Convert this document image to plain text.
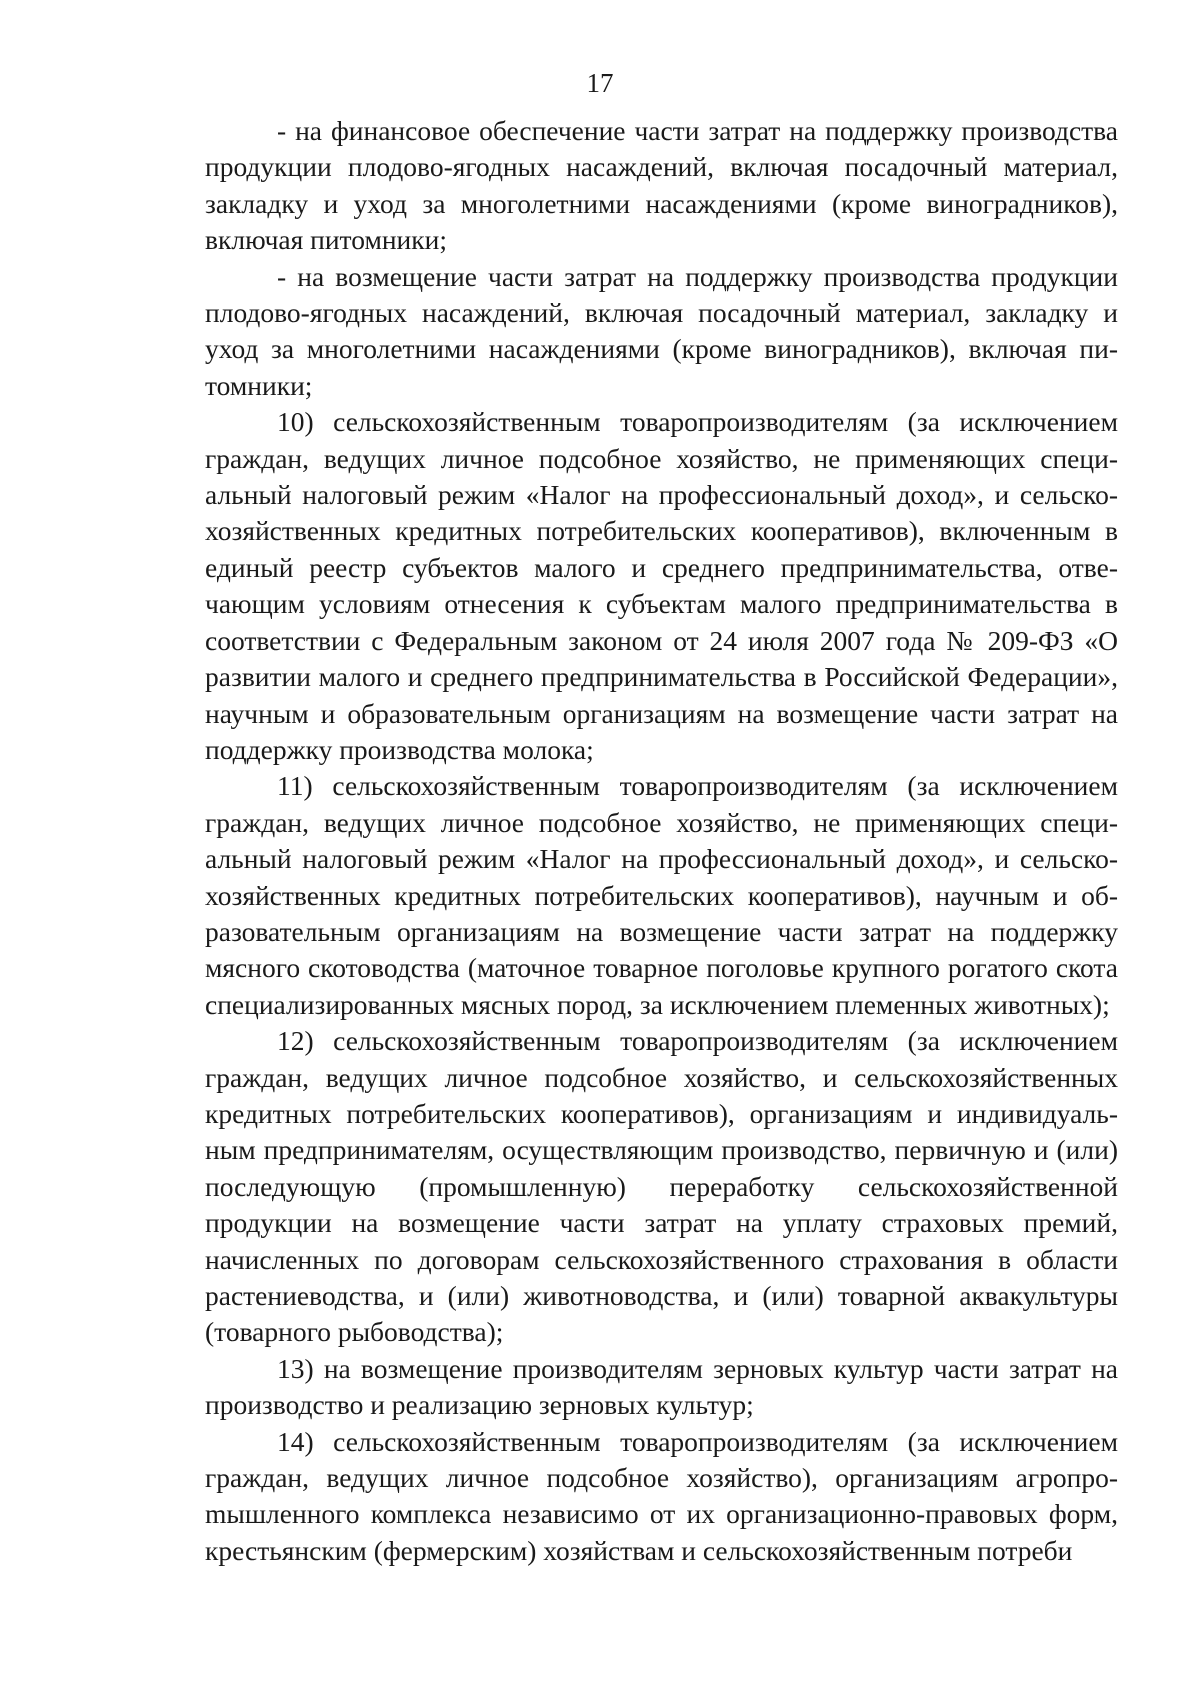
17

- на финансовое обеспечение части затрат на поддержку производства продукции плодово-ягодных насаждений, включая посадочный материал, закладку и уход за многолетними насаждениями (кроме виноградников), включая питомники;

- на возмещение части затрат на поддержку производства продукции плодово-ягодных насаждений, включая посадочный материал, закладку и уход за многолетними насаждениями (кроме виноградников), включая питомники;

10) сельскохозяйственным товаропроизводителям (за исключением граждан, ведущих личное подсобное хозяйство, не применяющих специальный налоговый режим «Налог на профессиональный доход», и сельскохозяйственных кредитных потребительских кооперативов), включенным в единый реестр субъектов малого и среднего предпринимательства, отвечающим условиям отнесения к субъектам малого предпринимательства в соответствии с Федеральным законом от 24 июля 2007 года № 209-ФЗ «О развитии малого и среднего предпринимательства в Российской Федерации», научным и образовательным организациям на возмещение части затрат на поддержку производства молока;

11) сельскохозяйственным товаропроизводителям (за исключением граждан, ведущих личное подсобное хозяйство, не применяющих специальный налоговый режим «Налог на профессиональный доход», и сельскохозяйственных кредитных потребительских кооперативов), научным и образовательным организациям на возмещение части затрат на поддержку мясного скотоводства (маточное товарное поголовье крупного рогатого скота специализированных мясных пород, за исключением племенных животных);

12) сельскохозяйственным товаропроизводителям (за исключением граждан, ведущих личное подсобное хозяйство, и сельскохозяйственных кредитных потребительских кооперативов), организациям и индивидуальным предпринимателям, осуществляющим производство, первичную и (или) последующую (промышленную) переработку сельскохозяйственной продукции на возмещение части затрат на уплату страховых премий, начисленных по договорам сельскохозяйственного страхования в области растениеводства, и (или) животноводства, и (или) товарной аквакультуры (товарного рыбоводства);

13) на возмещение производителям зерновых культур части затрат на производство и реализацию зерновых культур;

14) сельскохозяйственным товаропроизводителям (за исключением граждан, ведущих личное подсобное хозяйство), организациям агропроmышленного комплекса независимо от их организационно-правовых форм, крестьянским (фермерским) хозяйствам и сельскохозяйственным потреби
